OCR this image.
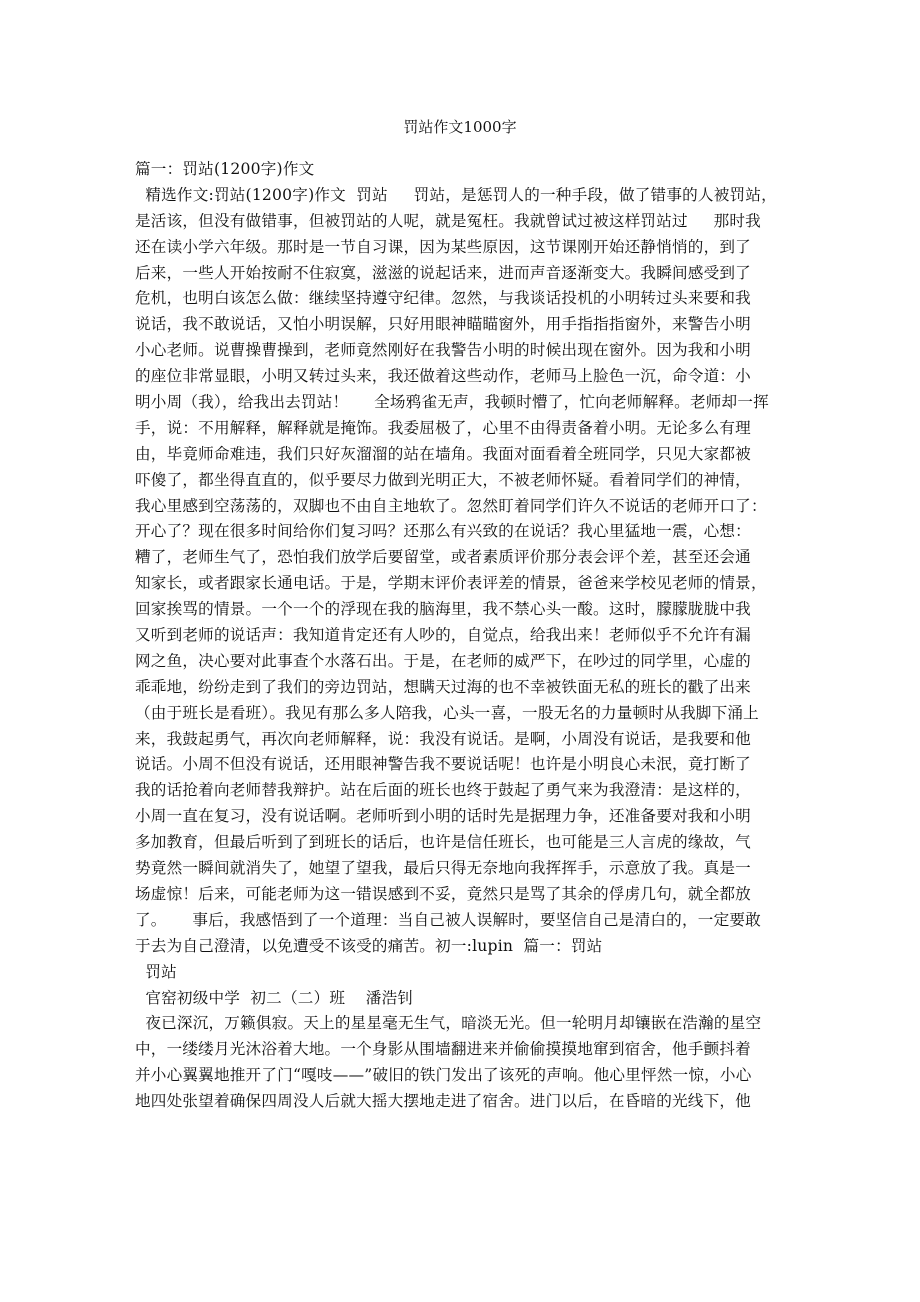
罚站作文1000字
篇一：罚站(1200字)作文
精选作文:罚站(1200字)作文  罚站     罚站，是惩罚人的一种手段，做了错事的人被罚站，
是活该，但没有做错事，但被罚站的人呢，就是冤枉。我就曾试过被这样罚站过     那时我
还在读小学六年级。那时是一节自习课，因为某些原因，这节课刚开始还静悄悄的，到了
后来，一些人开始按耐不住寂寞，滋滋的说起话来，进而声音逐渐变大。我瞬间感受到了
危机，也明白该怎么做：继续坚持遵守纪律。忽然，与我谈话投机的小明转过头来要和我
说话，我不敢说话，又怕小明误解，只好用眼神瞄瞄窗外，用手指指指窗外，来警告小明
小心老师。说曹操曹操到，老师竟然刚好在我警告小明的时候出现在窗外。因为我和小明
的座位非常显眼，小明又转过头来，我还做着这些动作，老师马上脸色一沉，命令道：小
明小周（我），给我出去罚站！     全场鸦雀无声，我顿时懵了，忙向老师解释。老师却一挥
手，说：不用解释，解释就是掩饰。我委屈极了，心里不由得责备着小明。无论多么有理
由，毕竟师命难违，我们只好灰溜溜的站在墙角。我面对面看着全班同学，只见大家都被
吓傻了，都坐得直直的，似乎要尽力做到光明正大，不被老师怀疑。看着同学们的神情，
我心里感到空荡荡的，双脚也不由自主地软了。忽然盯着同学们许久不说话的老师开口了：
开心了？现在很多时间给你们复习吗？还那么有兴致的在说话？我心里猛地一震，心想：
糟了，老师生气了，恐怕我们放学后要留堂，或者素质评价那分表会评个差，甚至还会通
知家长，或者跟家长通电话。于是，学期末评价表评差的情景，爸爸来学校见老师的情景，
回家挨骂的情景。一个一个的浮现在我的脑海里，我不禁心头一酸。这时，朦朦胧胧中我
又听到老师的说话声：我知道肯定还有人吵的，自觉点，给我出来！老师似乎不允许有漏
网之鱼，决心要对此事查个水落石出。于是，在老师的威严下，在吵过的同学里，心虚的
乖乖地，纷纷走到了我们的旁边罚站，想瞒天过海的也不幸被铁面无私的班长的戳了出来
（由于班长是看班）。我见有那么多人陪我，心头一喜，一股无名的力量顿时从我脚下涌上
来，我鼓起勇气，再次向老师解释，说：我没有说话。是啊，小周没有说话，是我要和他
说话。小周不但没有说话，还用眼神警告我不要说话呢！也许是小明良心未泯，竟打断了
我的话抢着向老师替我辩护。站在后面的班长也终于鼓起了勇气来为我澄清：是这样的，
小周一直在复习，没有说话啊。老师听到小明的话时先是据理力争，还准备要对我和小明
多加教育，但最后听到了到班长的话后，也许是信任班长，也可能是三人言虎的缘故，气
势竟然一瞬间就消失了，她望了望我，最后只得无奈地向我挥挥手，示意放了我。真是一
场虚惊！后来，可能老师为这一错误感到不妥，竟然只是骂了其余的俘虏几句，就全都放
了。     事后，我感悟到了一个道理：当自己被人误解时，要坚信自己是清白的，一定要敢
于去为自己澄清，以免遭受不该受的痛苦。初一:lupin  篇一：罚站
罚站
官窑初级中学  初二（二）班    潘浩钊
夜已深沉，万籁俱寂。天上的星星毫无生气，暗淡无光。但一轮明月却镶嵌在浩瀚的星空
中，一缕缕月光沐浴着大地。一个身影从围墙翻进来并偷偷摸摸地窜到宿舍，他手颤抖着
并小心翼翼地推开了门“嘎吱——”破旧的铁门发出了该死的声响。他心里怦然一惊，小心
地四处张望着确保四周没人后就大摇大摆地走进了宿舍。进门以后，在昏暗的光线下，他
